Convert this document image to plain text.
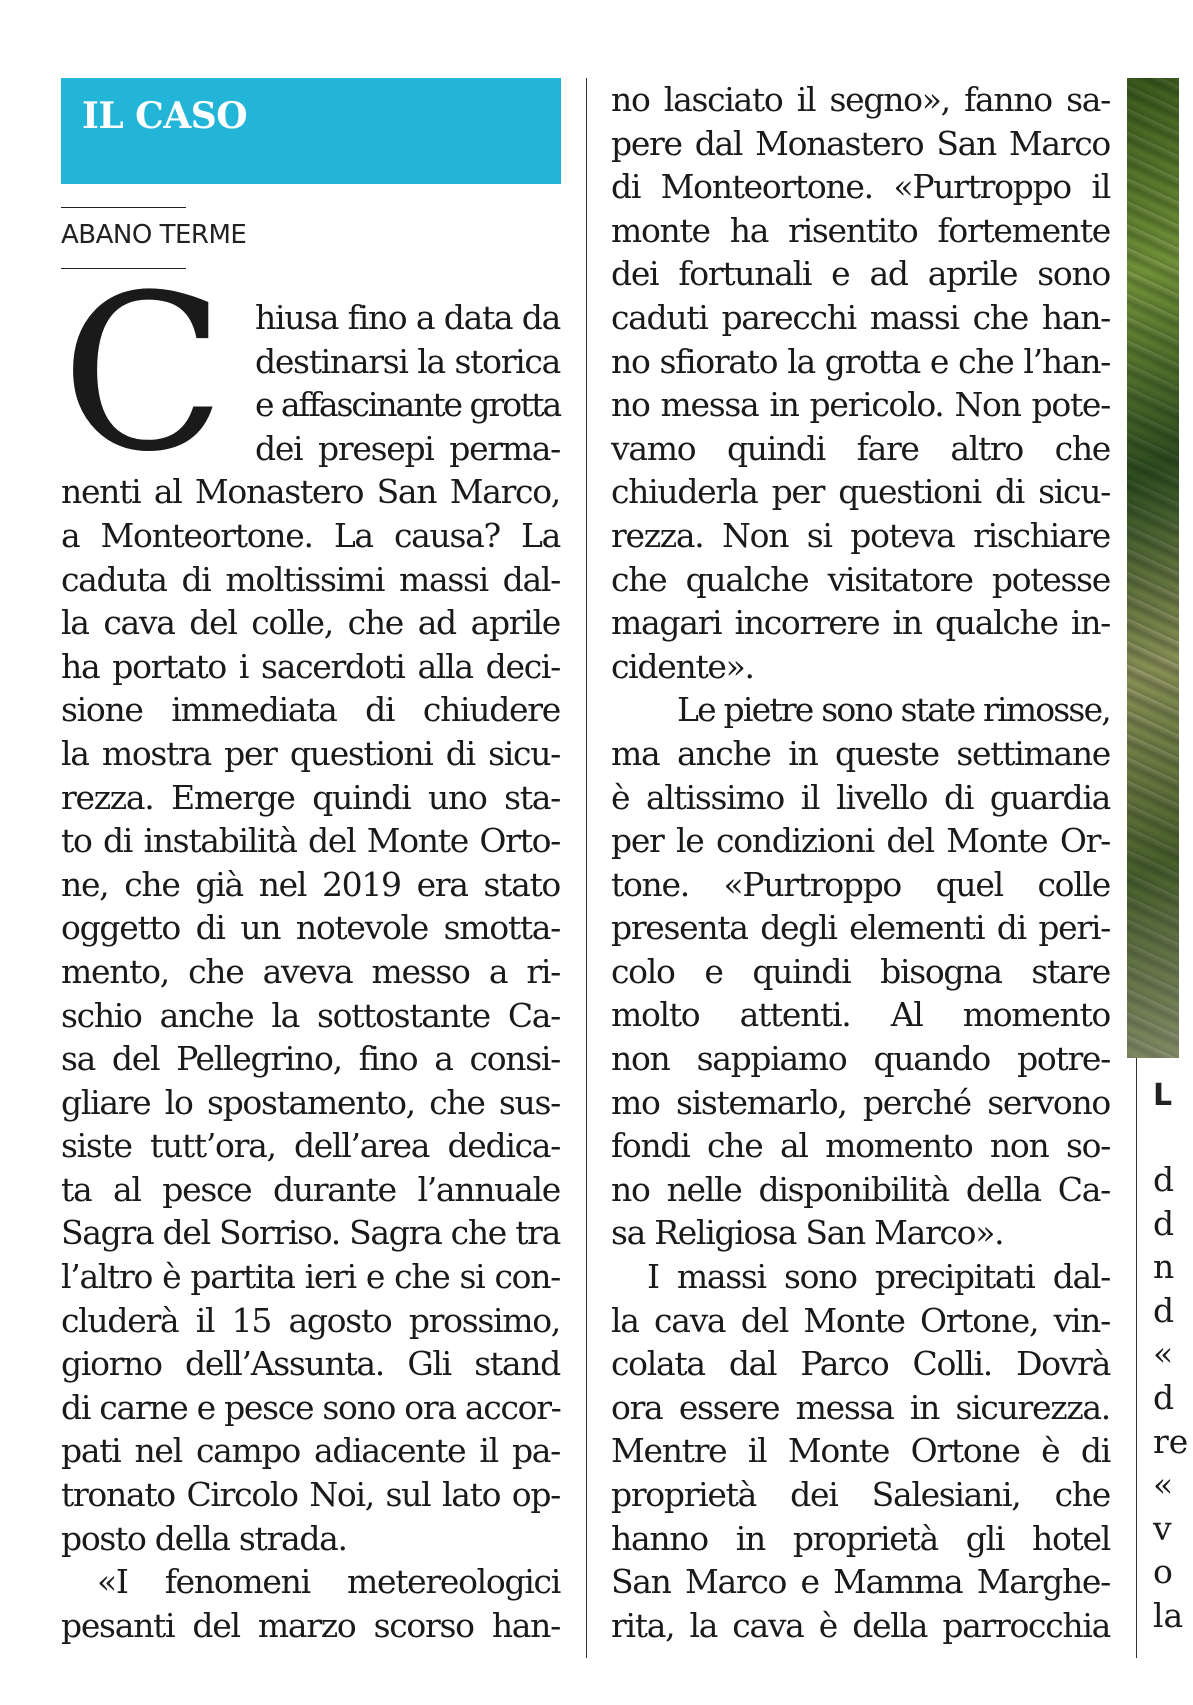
IL CASO
ABANO TERME
C	hiusa fino a data da
destinarsi la storica
e affascinante grotta
dei presepi perma-
nenti al Monastero San Marco,
a Monteortone. La causa? La
caduta di moltissimi massi dal-
la cava del colle, che ad aprile
ha portato i sacerdoti alla deci-
sione immediata di chiudere
la mostra per questioni di sicu-
rezza. Emerge quindi uno sta-
to di instabilità del Monte Orto-
ne, che già nel 2019 era stato
oggetto di un notevole smotta-
mento, che aveva messo a ri-
schio anche la sottostante Ca-
sa del Pellegrino, fino a consi-
gliare lo spostamento, che sus-
siste tutt’ora, dell’area dedica-
ta al pesce durante l’annuale
Sagra del Sorriso. Sagra che tra
l’altro è partita ieri e che si con-
cluderà il 15 agosto prossimo,
giorno dell’Assunta. Gli stand
di carne e pesce sono ora accor-
pati nel campo adiacente il pa-
tronato Circolo Noi, sul lato op-
posto della strada.
«I fenomeni metereologici
pesanti del marzo scorso han-
no lasciato il segno», fanno sa-
pere dal Monastero San Marco
di Monteortone. «Purtroppo il
monte ha risentito fortemente
dei fortunali e ad aprile sono
caduti parecchi massi che han-
no sfiorato la grotta e che l’han-
no messa in pericolo. Non pote-
vamo quindi fare altro che
chiuderla per questioni di sicu-
rezza. Non si poteva rischiare
che qualche visitatore potesse
magari incorrere in qualche in-
cidente».
Le pietre sono state rimosse,
ma anche in queste settimane
è altissimo il livello di guardia
per le condizioni del Monte Or-
tone. «Purtroppo quel colle
presenta degli elementi di peri-
colo e quindi bisogna stare
molto attenti. Al momento
non sappiamo quando potre-
mo sistemarlo, perché servono
fondi che al momento non so-
no nelle disponibilità della Ca-
sa Religiosa San Marco».
I massi sono precipitati dal-
la cava del Monte Ortone, vin-
colata dal Parco Colli. Dovrà
ora essere messa in sicurezza.
Mentre il Monte Ortone è di
proprietà dei Salesiani, che
hanno in proprietà gli hotel
San Marco e Mamma Marghe-
rita, la cava è della parrocchia
L
d
d
n
d
«
d
re
«
v
o
la
